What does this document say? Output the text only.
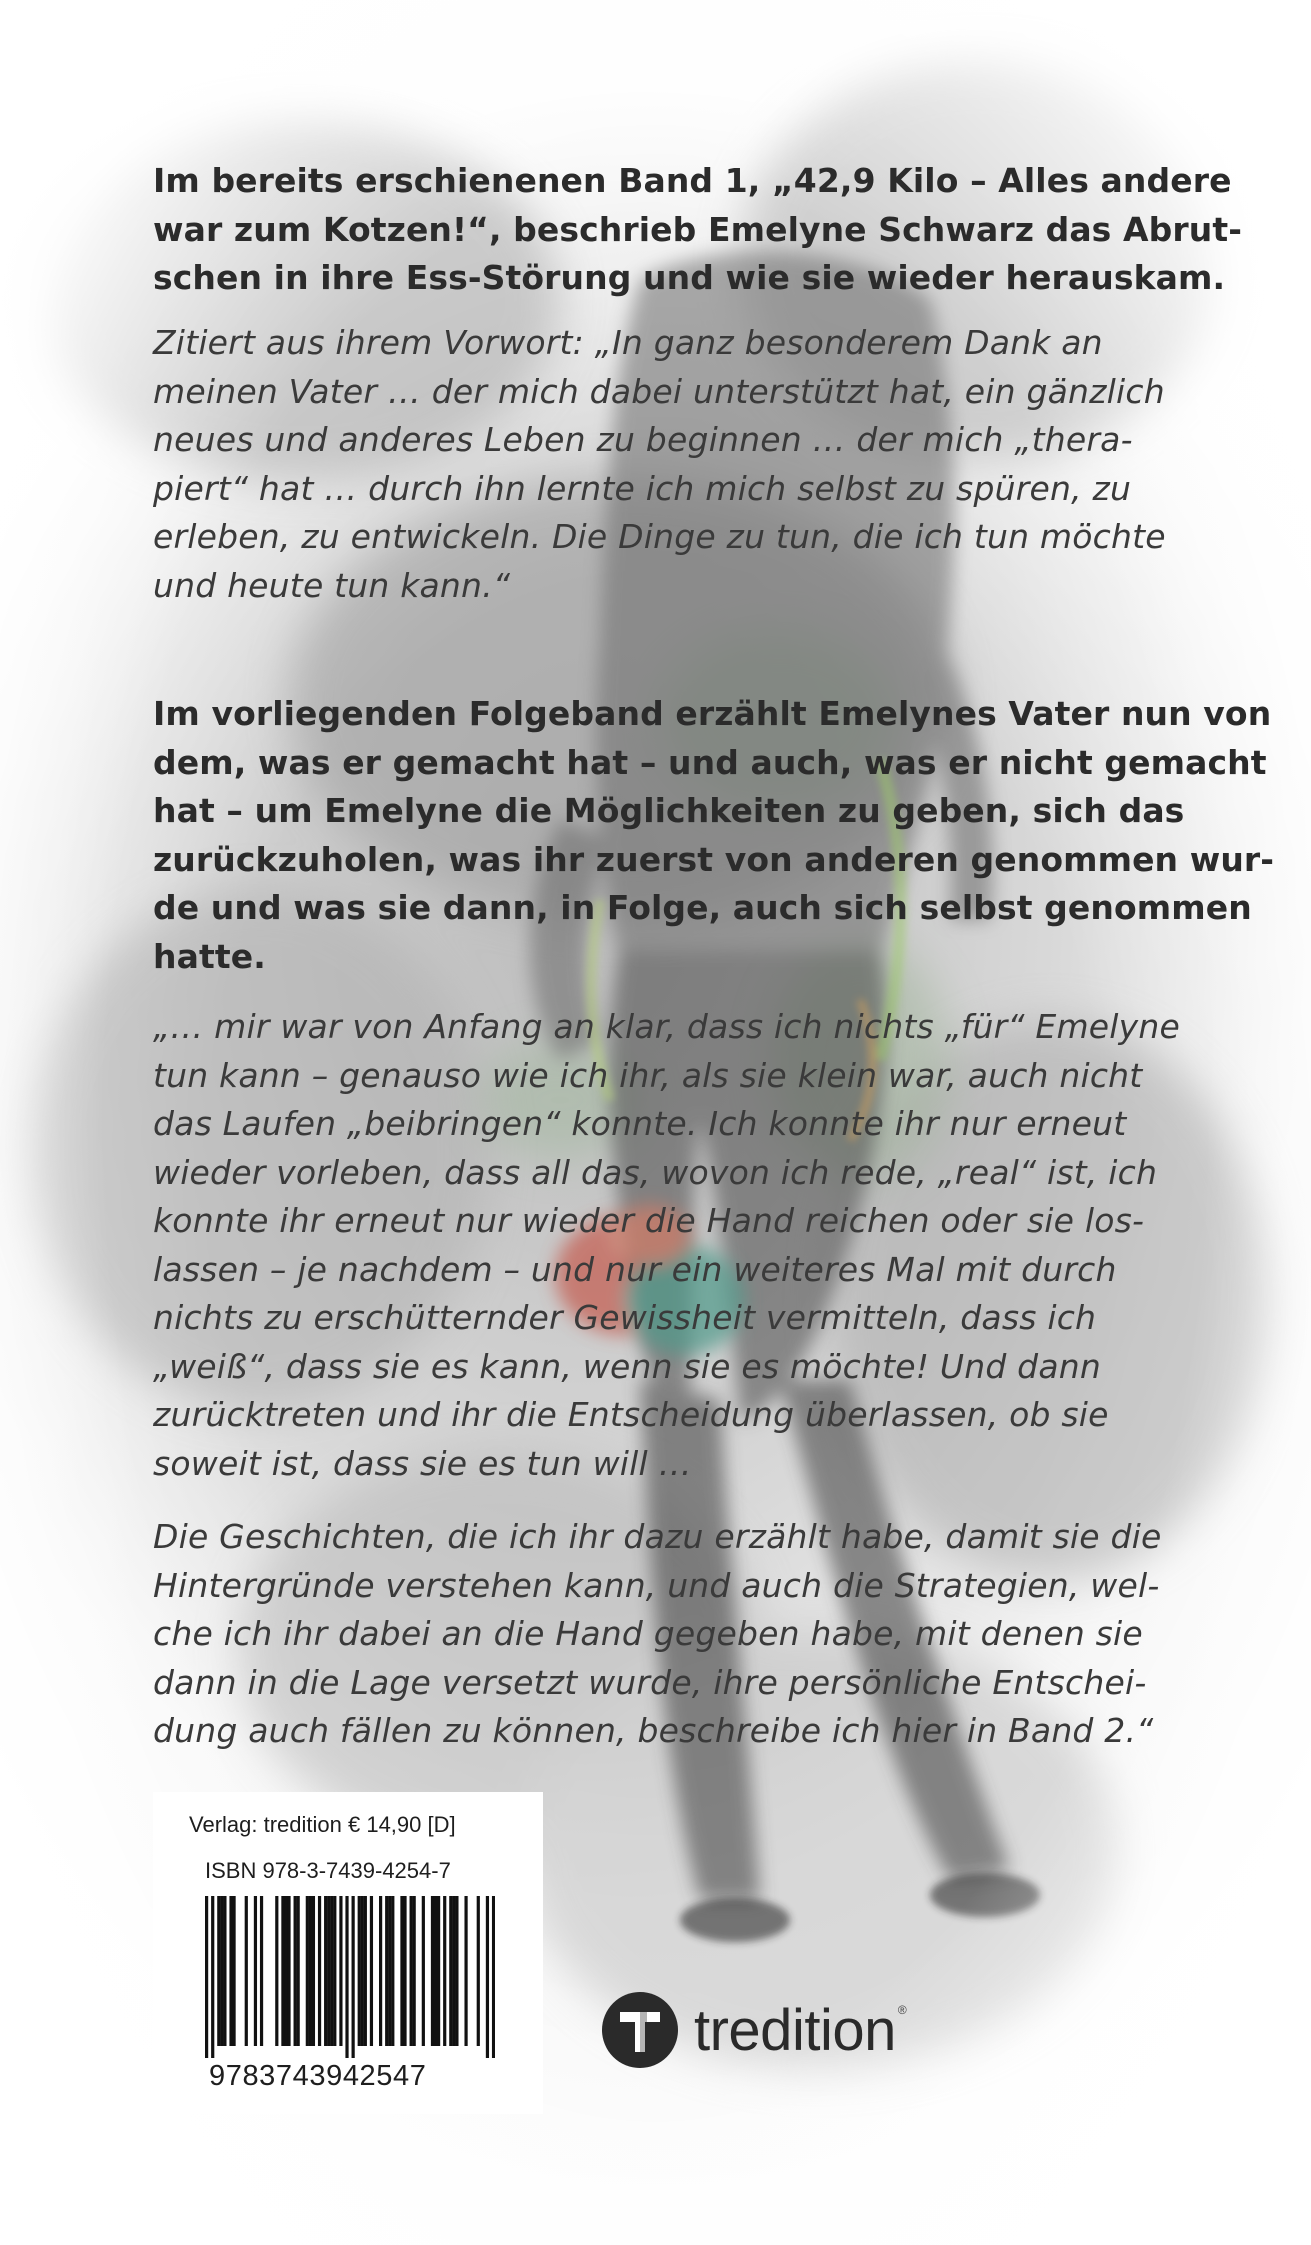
Im bereits erschienenen Band 1, „42,9 Kilo – Alles andere
war zum Kotzen!“, beschrieb Emelyne Schwarz das Abrut-
schen in ihre Ess-Störung und wie sie wieder herauskam.

Zitiert aus ihrem Vorwort: „In ganz besonderem Dank an
meinen Vater … der mich dabei unterstützt hat, ein gänzlich
neues und anderes Leben zu beginnen … der mich „thera-
piert“ hat … durch ihn lernte ich mich selbst zu spüren, zu
erleben, zu entwickeln. Die Dinge zu tun, die ich tun möchte
und heute tun kann.“

Im vorliegenden Folgeband erzählt Emelynes Vater nun von
dem, was er gemacht hat – und auch, was er nicht gemacht
hat – um Emelyne die Möglichkeiten zu geben, sich das
zurückzuholen, was ihr zuerst von anderen genommen wur-
de und was sie dann, in Folge, auch sich selbst genommen
hatte.

„… mir war von Anfang an klar, dass ich nichts „für“ Emelyne
tun kann – genauso wie ich ihr, als sie klein war, auch nicht
das Laufen „beibringen“ konnte. Ich konnte ihr nur erneut
wieder vorleben, dass all das, wovon ich rede, „real“ ist, ich
konnte ihr erneut nur wieder die Hand reichen oder sie los-
lassen – je nachdem – und nur ein weiteres Mal mit durch
nichts zu erschütternder Gewissheit vermitteln, dass ich
„weiß“, dass sie es kann, wenn sie es möchte! Und dann
zurücktreten und ihr die Entscheidung überlassen, ob sie
soweit ist, dass sie es tun will …

Die Geschichten, die ich ihr dazu erzählt habe, damit sie die
Hintergründe verstehen kann, und auch die Strategien, wel-
che ich ihr dabei an die Hand gegeben habe, mit denen sie
dann in die Lage versetzt wurde, ihre persönliche Entschei-
dung auch fällen zu können, beschreibe ich hier in Band 2.“

Verlag: tredition € 14,90 [D]
ISBN 978-3-7439-4254-7
9783743942547
tredition ®
